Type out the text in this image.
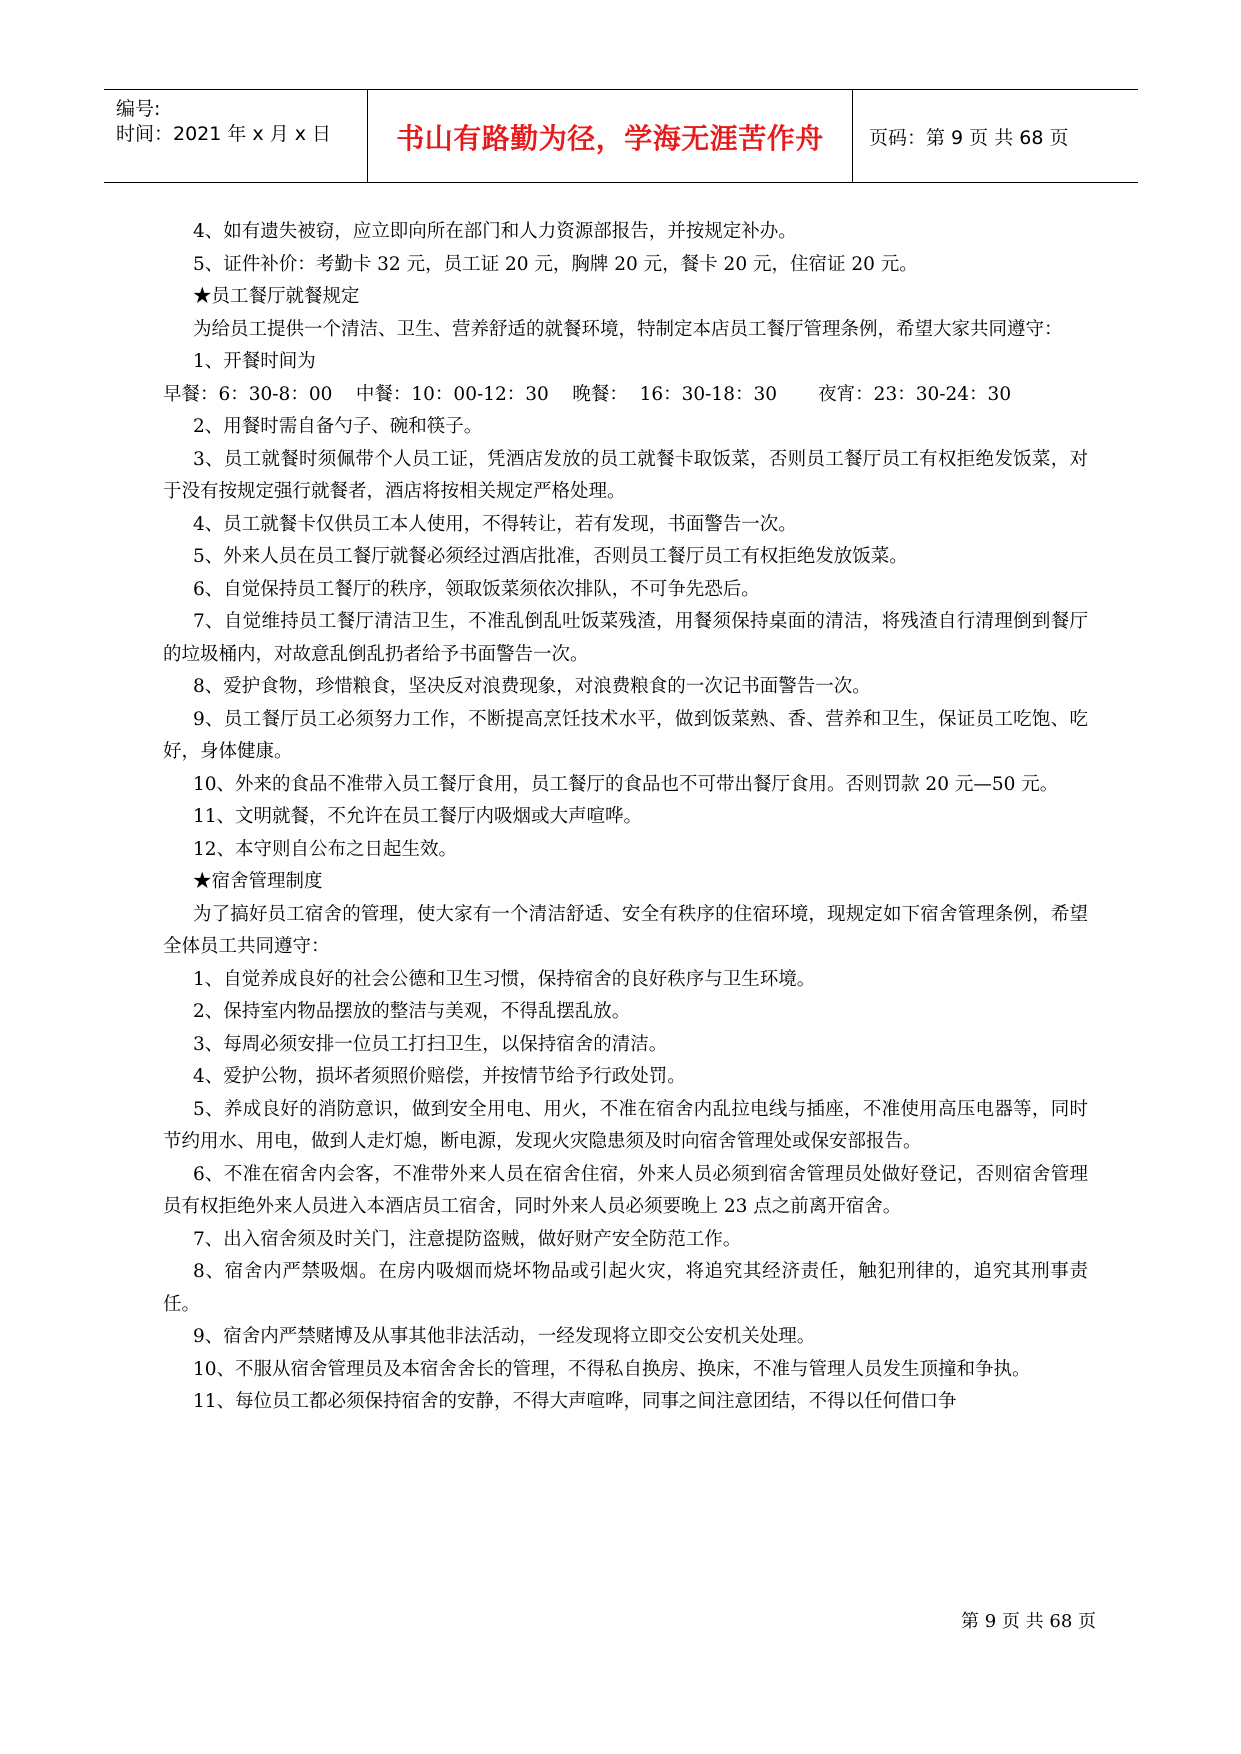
编号:
时间：2021 年 x 月 x 日	书山有路勤为径，学海无涯苦作舟	页码：第 9 页 共 68 页

4、如有遗失被窃，应立即向所在部门和人力资源部报告，并按规定补办。

5、证件补价：考勤卡 32 元，员工证 20 元，胸牌 20 元，餐卡 20 元，住宿证 20 元。

★员工餐厅就餐规定

为给员工提供一个清洁、卫生、营养舒适的就餐环境，特制定本店员工餐厅管理条例，希望大家共同遵守：

1、开餐时间为

早餐：6：30-8：00    中餐：10：00-12：30    晚餐：  16：30-18：30       夜宵：23：30-24：30

2、用餐时需自备勺子、碗和筷子。

3、员工就餐时须佩带个人员工证，凭酒店发放的员工就餐卡取饭菜，否则员工餐厅员工有权拒绝发饭菜，对于没有按规定强行就餐者，酒店将按相关规定严格处理。

4、员工就餐卡仅供员工本人使用，不得转让，若有发现，书面警告一次。

5、外来人员在员工餐厅就餐必须经过酒店批准，否则员工餐厅员工有权拒绝发放饭菜。

6、自觉保持员工餐厅的秩序，领取饭菜须依次排队，不可争先恐后。

7、自觉维持员工餐厅清洁卫生，不准乱倒乱吐饭菜残渣，用餐须保持桌面的清洁，将残渣自行清理倒到餐厅的垃圾桶内，对故意乱倒乱扔者给予书面警告一次。

8、爱护食物，珍惜粮食，坚决反对浪费现象，对浪费粮食的一次记书面警告一次。

9、员工餐厅员工必须努力工作，不断提高烹饪技术水平，做到饭菜熟、香、营养和卫生，保证员工吃饱、吃好，身体健康。

10、外来的食品不准带入员工餐厅食用，员工餐厅的食品也不可带出餐厅食用。否则罚款 20 元—50 元。

11、文明就餐，不允许在员工餐厅内吸烟或大声喧哗。

12、本守则自公布之日起生效。

★宿舍管理制度

为了搞好员工宿舍的管理，使大家有一个清洁舒适、安全有秩序的住宿环境，现规定如下宿舍管理条例，希望全体员工共同遵守：

1、自觉养成良好的社会公德和卫生习惯，保持宿舍的良好秩序与卫生环境。

2、保持室内物品摆放的整洁与美观，不得乱摆乱放。

3、每周必须安排一位员工打扫卫生，以保持宿舍的清洁。

4、爱护公物，损坏者须照价赔偿，并按情节给予行政处罚。

5、养成良好的消防意识，做到安全用电、用火，不准在宿舍内乱拉电线与插座，不准使用高压电器等，同时节约用水、用电，做到人走灯熄，断电源，发现火灾隐患须及时向宿舍管理处或保安部报告。

6、不准在宿舍内会客，不准带外来人员在宿舍住宿，外来人员必须到宿舍管理员处做好登记，否则宿舍管理员有权拒绝外来人员进入本酒店员工宿舍，同时外来人员必须要晚上 23 点之前离开宿舍。

7、出入宿舍须及时关门，注意提防盗贼，做好财产安全防范工作。

8、宿舍内严禁吸烟。在房内吸烟而烧坏物品或引起火灾，将追究其经济责任，触犯刑律的，追究其刑事责任。

9、宿舍内严禁赌博及从事其他非法活动，一经发现将立即交公安机关处理。

10、不服从宿舍管理员及本宿舍舍长的管理，不得私自换房、换床，不准与管理人员发生顶撞和争执。

11、每位员工都必须保持宿舍的安静，不得大声喧哗，同事之间注意团结，不得以任何借口争

第 9 页 共 68 页
